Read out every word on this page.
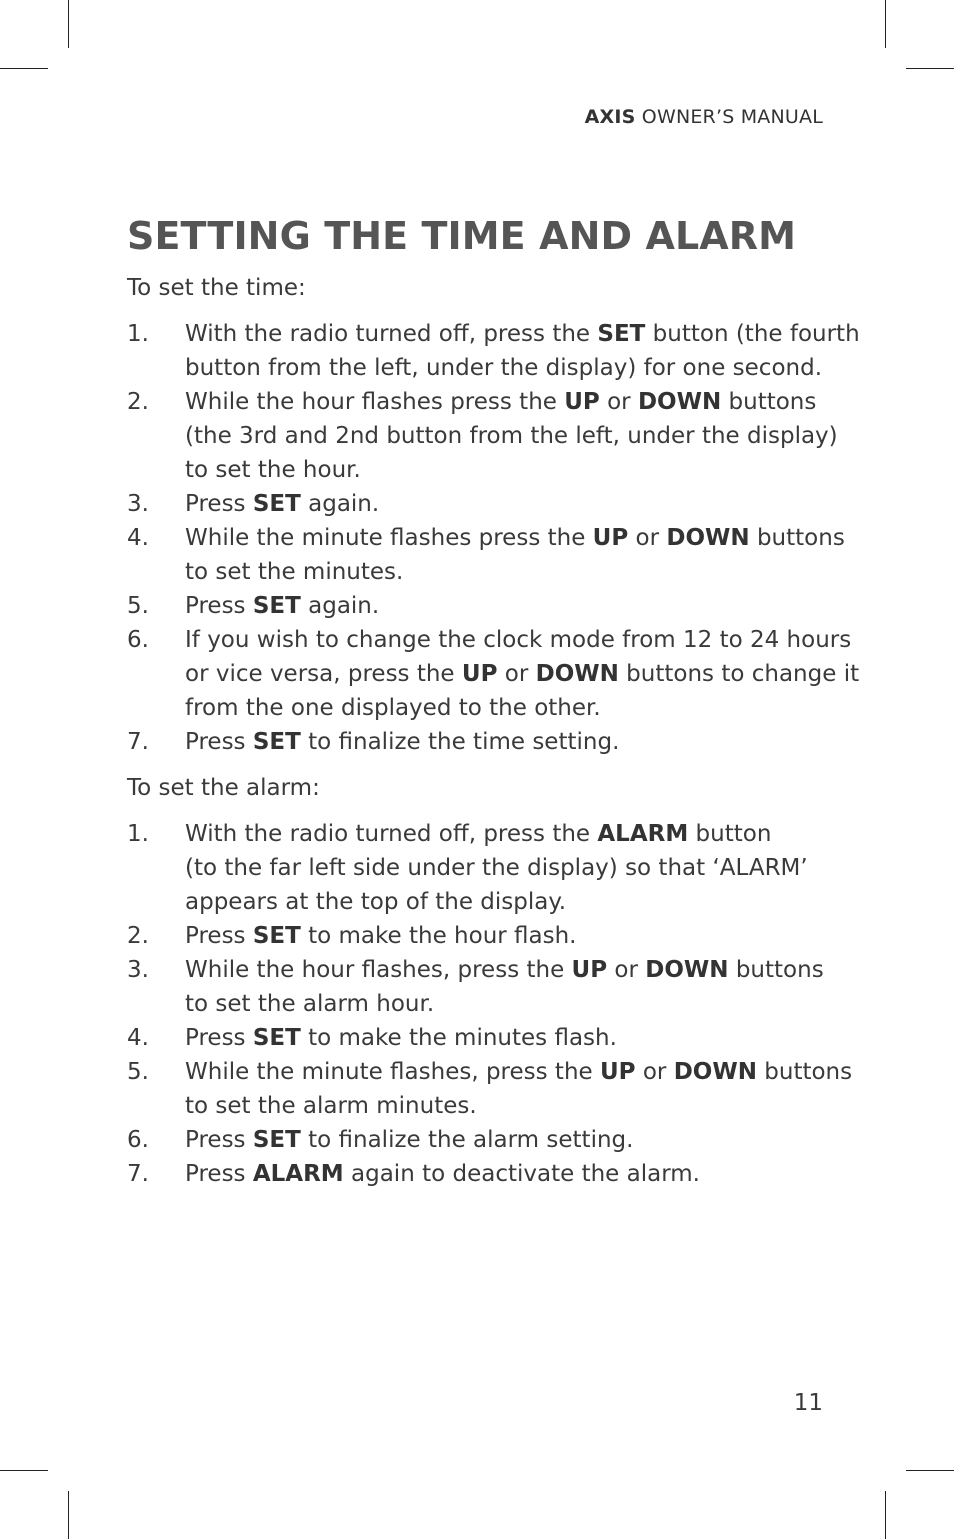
AXIS OWNER’S MANUAL
SETTING THE TIME AND ALARM

To set the time:

1. With the radio turned off, press the SET button (the fourth
button from the left, under the display) for one second.
2. While the hour flashes press the UP or DOWN buttons
(the 3rd and 2nd button from the left, under the display)
to set the hour.
3. Press SET again.
4. While the minute flashes press the UP or DOWN buttons
to set the minutes.
5. Press SET again.
6. If you wish to change the clock mode from 12 to 24 hours
or vice versa, press the UP or DOWN buttons to change it
from the one displayed to the other.
7. Press SET to finalize the time setting.

To set the alarm:

1. With the radio turned off, press the ALARM button
(to the far left side under the display) so that ‘ALARM’
appears at the top of the display.
2. Press SET to make the hour flash.
3. While the hour flashes, press the UP or DOWN buttons
to set the alarm hour.
4. Press SET to make the minutes flash.
5. While the minute flashes, press the UP or DOWN buttons
to set the alarm minutes.
6. Press SET to finalize the alarm setting.
7. Press ALARM again to deactivate the alarm.
11
